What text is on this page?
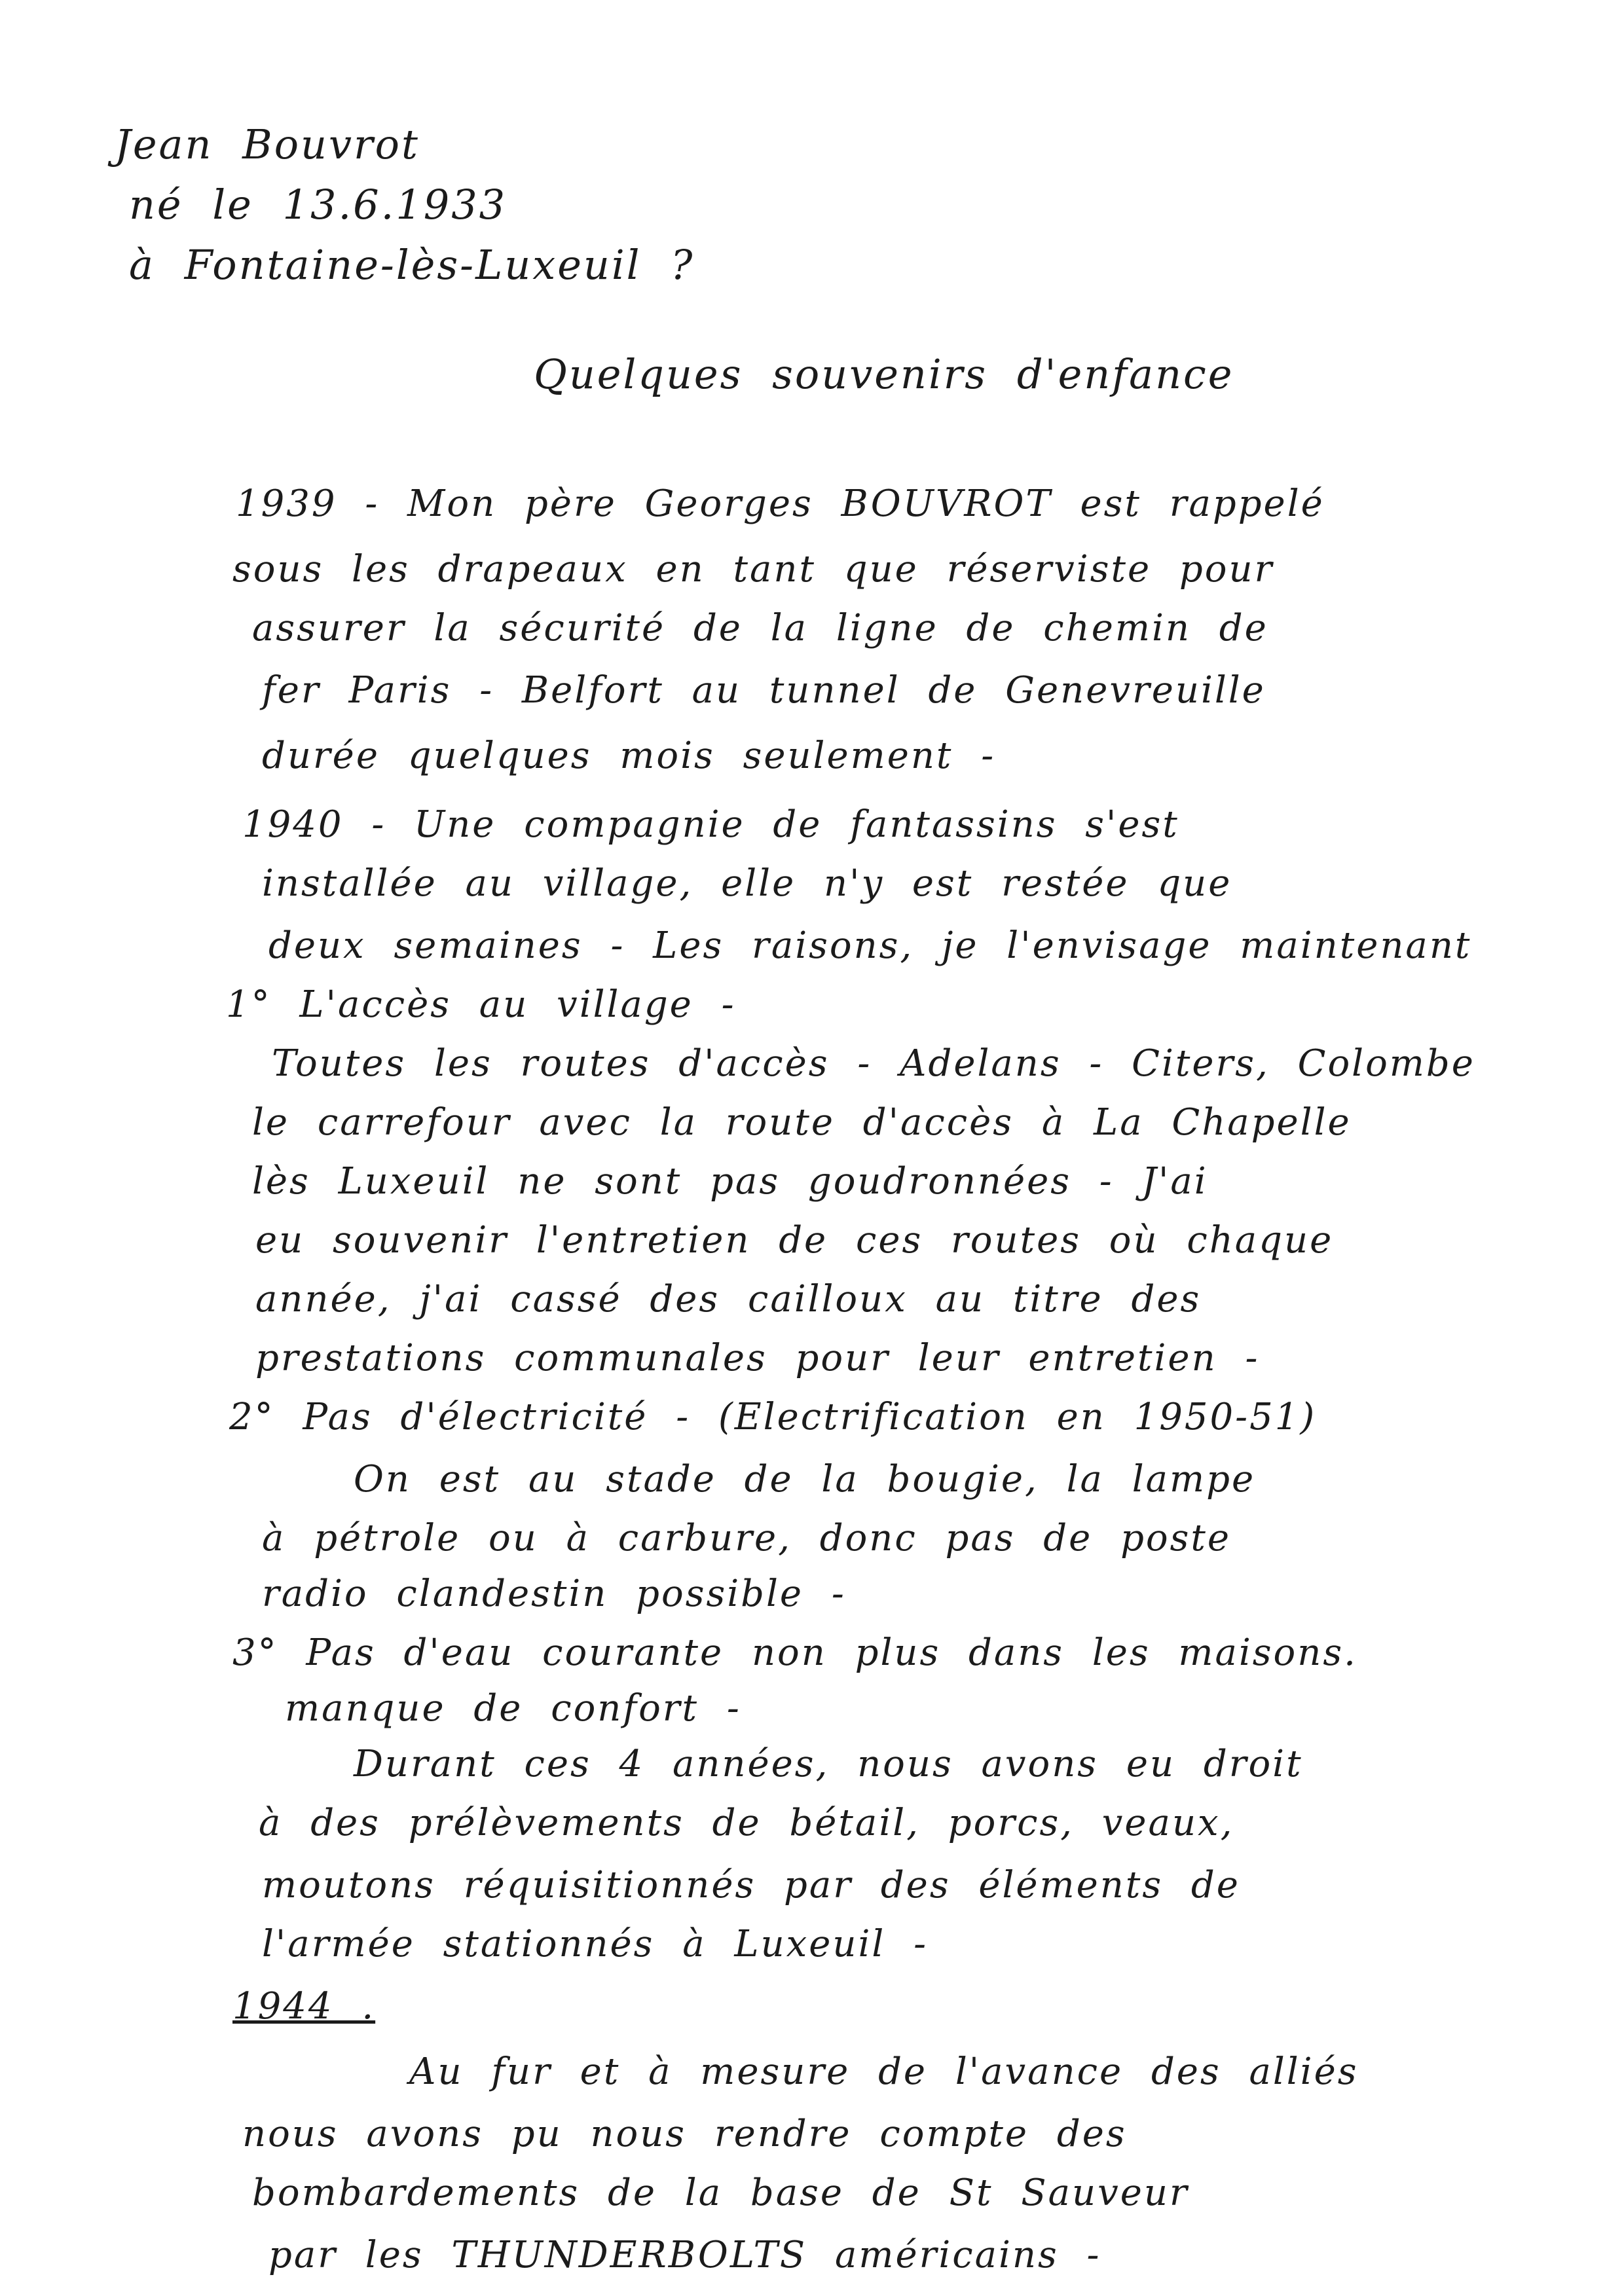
Jean Bouvrot
né le 13.6.1933
à Fontaine-lès-Luxeuil ?
Quelques souvenirs d'enfance
1939 - Mon père Georges BOUVROT est rappelé
sous les drapeaux en tant que réserviste pour
assurer la sécurité de la ligne de chemin de
fer Paris - Belfort au tunnel de Genevreuille
durée quelques mois seulement -
1940 - Une compagnie de fantassins s'est
installée au village, elle n'y est restée que
deux semaines - Les raisons, je l'envisage maintenant
1° L'accès au village -
Toutes les routes d'accès - Adelans - Citers, Colombe
le carrefour avec la route d'accès à La Chapelle
lès Luxeuil ne sont pas goudronnées - J'ai
eu souvenir l'entretien de ces routes où chaque
année, j'ai cassé des cailloux au titre des
prestations communales pour leur entretien -
2° Pas d'électricité - (Electrification en 1950-51)
On est au stade de la bougie, la lampe
à pétrole ou à carbure, donc pas de poste
radio clandestin possible -
3° Pas d'eau courante non plus dans les maisons.
manque de confort -
Durant ces 4 années, nous avons eu droit
à des prélèvements de bétail, porcs, veaux,
moutons réquisitionnés par des éléments de
l'armée stationnés à Luxeuil -
1944 .
Au fur et à mesure de l'avance des alliés
nous avons pu nous rendre compte des
bombardements de la base de St Sauveur
par les THUNDERBOLTS américains -
